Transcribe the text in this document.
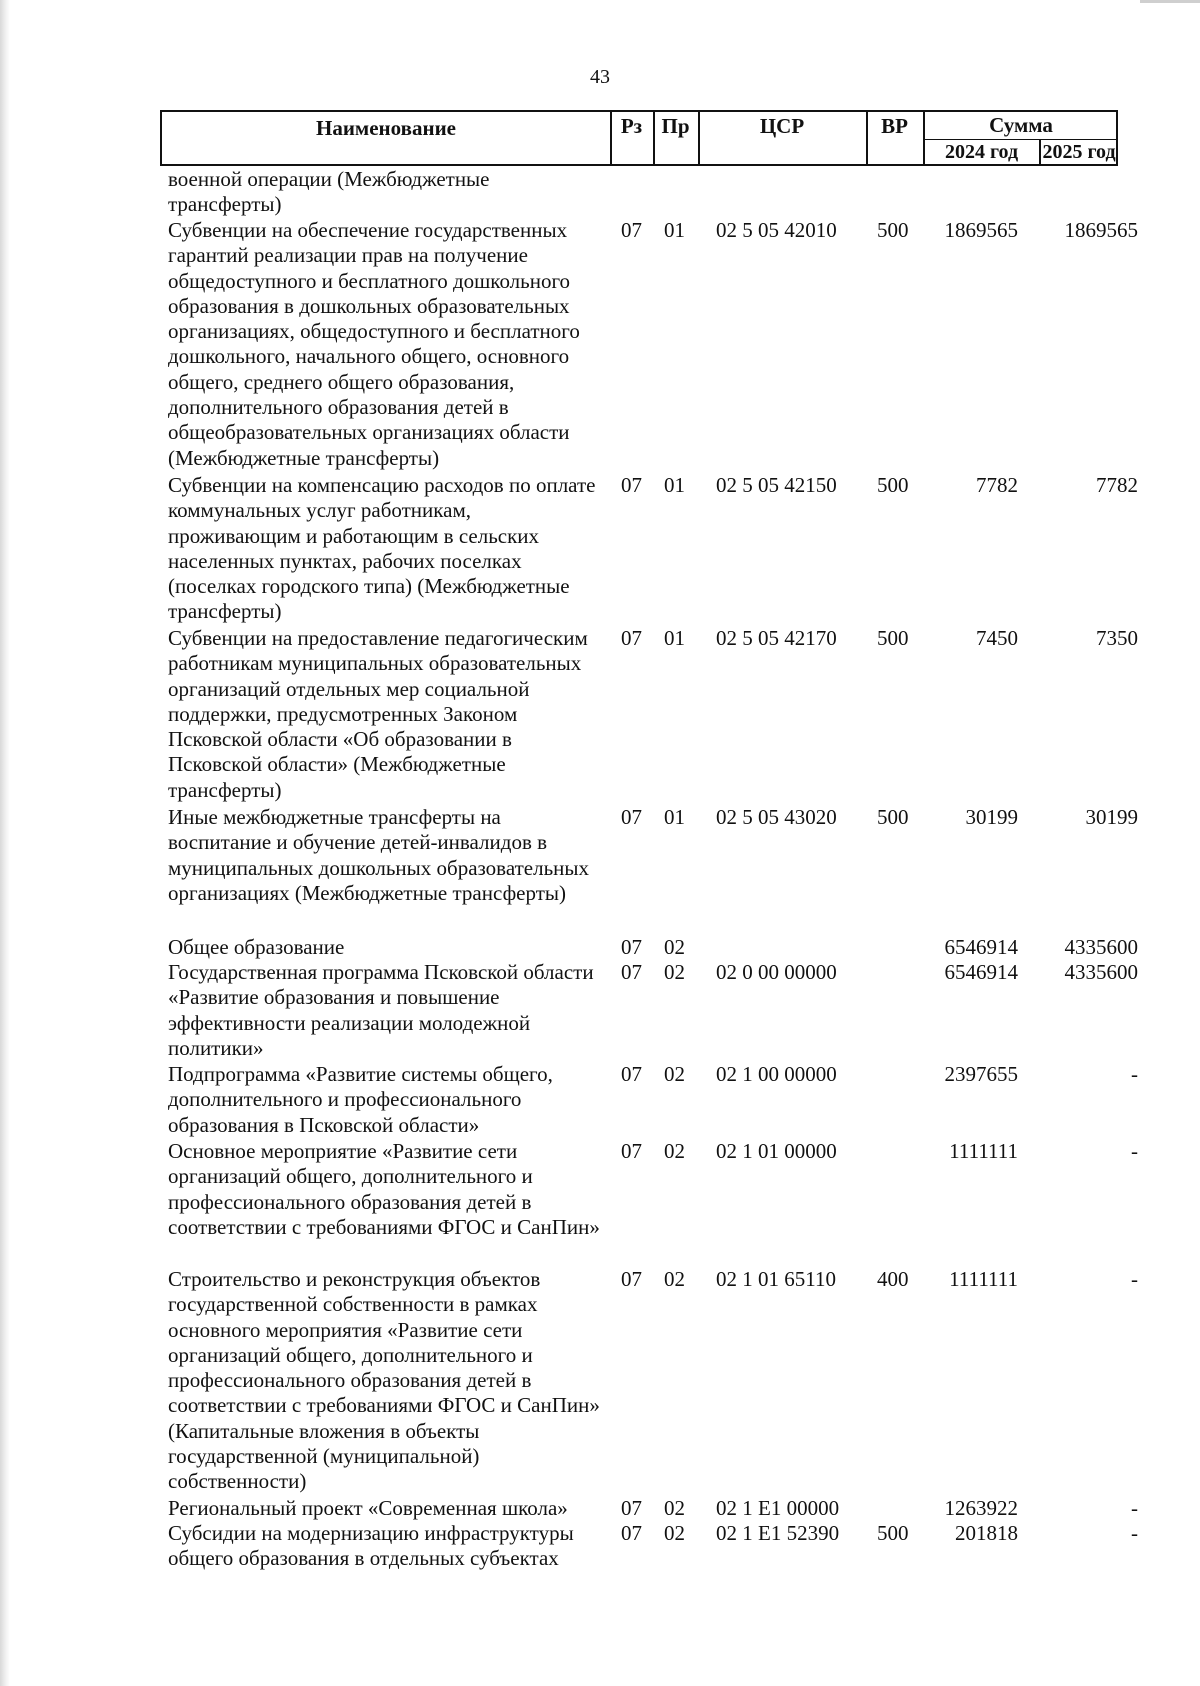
43
Наименование	Рз Пр	ЦСР	ВР	Сумма
2024 год	2025 год
военной операции (Межбюджетные трансферты)
Субвенции на обеспечение государственных гарантий реализации прав на получение общедоступного и бесплатного дошкольного образования в дошкольных образовательных организациях, общедоступного и бесплатного дошкольного, начального общего, основного общего, среднего общего образования, дополнительного образования детей в общеобразовательных организациях области (Межбюджетные трансферты)
07 01 02 5 05 42010 500	1869565	1869565
Субвенции на компенсацию расходов по оплате коммунальных услуг работникам, проживающим и работающим в сельских населенных пунктах, рабочих поселках (поселках городского типа) (Межбюджетные трансферты)
07 01 02 5 05 42150 500	7782	7782
Субвенции на предоставление педагогическим работникам муниципальных образовательных организаций отдельных мер социальной поддержки, предусмотренных Законом Псковской области «Об образовании в Псковской области» (Межбюджетные трансферты)
07 01 02 5 05 42170 500	7450	7350
Иные межбюджетные трансферты на воспитание и обучение детей-инвалидов в муниципальных дошкольных образовательных организациях (Межбюджетные трансферты)
07 01 02 5 05 43020 500	30199	30199
Общее образование	07 02	6546914	4335600
Государственная программа Псковской области «Развитие образования и повышение эффективности реализации молодежной политики»
07 02 02 0 00 00000	6546914	4335600
Подпрограмма «Развитие системы общего, дополнительного и профессионального образования в Псковской области»
07 02 02 1 00 00000	2397655	-
Основное мероприятие «Развитие сети организаций общего, дополнительного и профессионального образования детей в соответствии с требованиями ФГОС и СанПин»
07 02 02 1 01 00000	1111111	-
Строительство и реконструкция объектов государственной собственности в рамках основного мероприятия «Развитие сети организаций общего, дополнительного и профессионального образования детей в соответствии с требованиями ФГОС и СанПин» (Капитальные вложения в объекты государственной (муниципальной) собственности)
07 02 02 1 01 65110 400	1111111	-
Региональный проект «Современная школа»	07 02 02 1 E1 00000	1263922	-
Субсидии на модернизацию инфраструктуры общего образования в отдельных субъектах
07 02 02 1 E1 52390 500	201818	-
